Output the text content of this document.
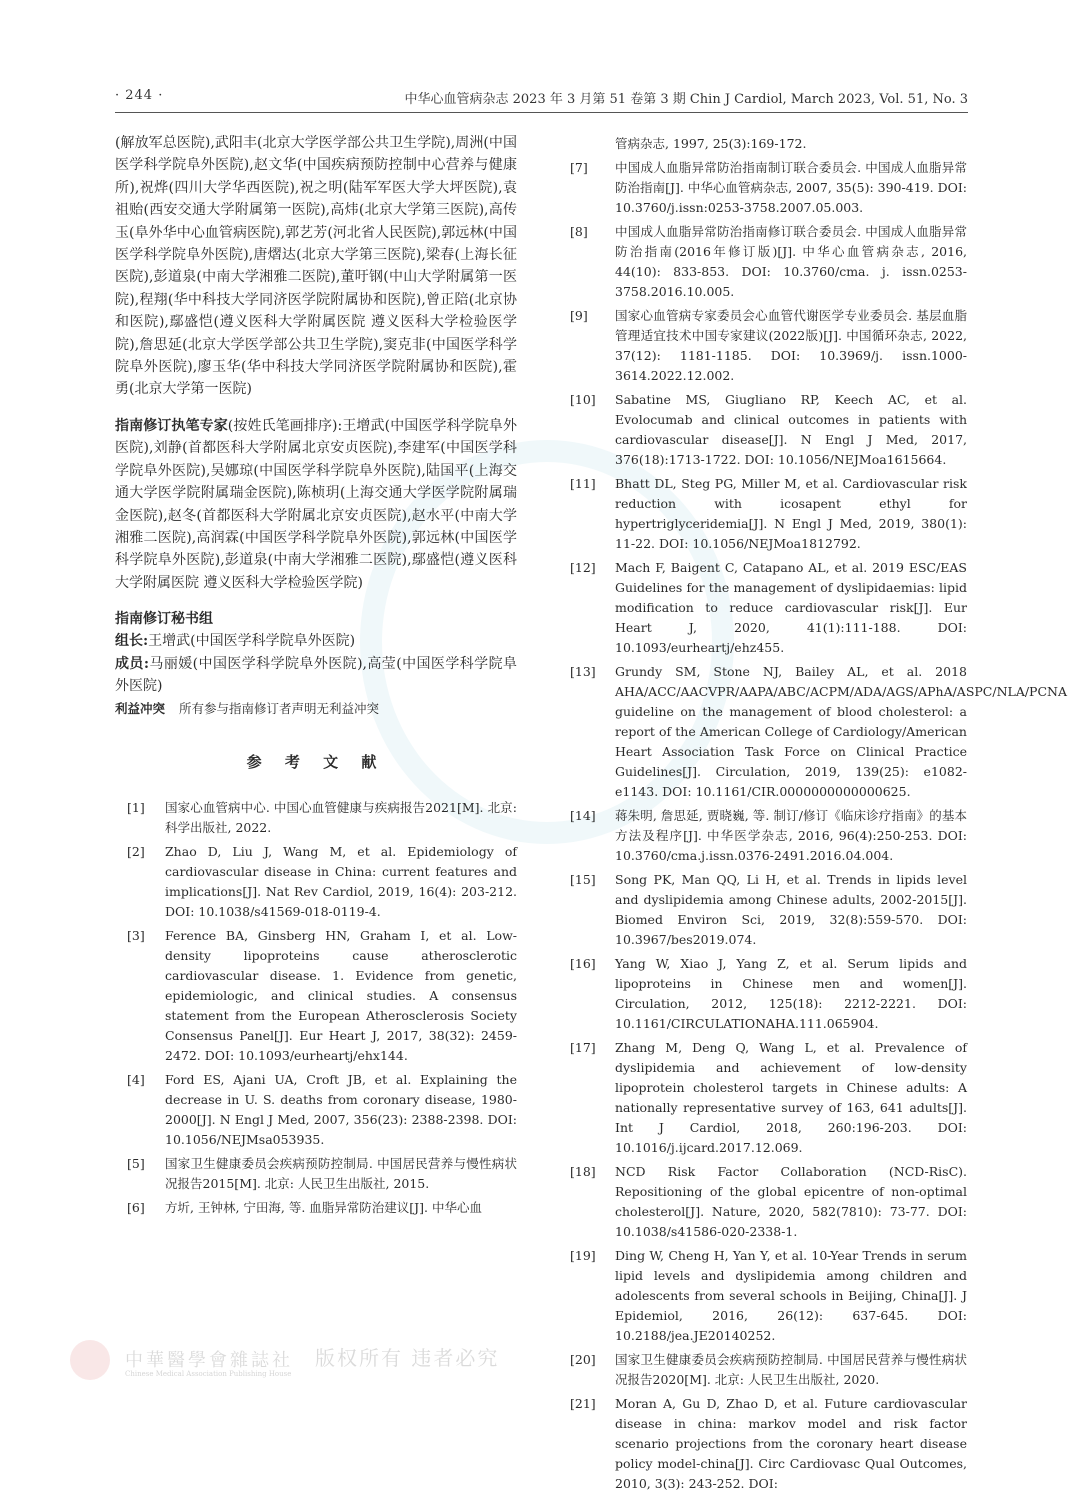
· 244 ·	中华心血管病杂志 2023 年 3 月第 51 卷第 3 期 Chin J Cardiol, March 2023, Vol. 51, No. 3

(解放军总医院),武阳丰(北京大学医学部公共卫生学院),周洲(中国医学科学院阜外医院),赵文华(中国疾病预防控制中心营养与健康所),祝烨(四川大学华西医院),祝之明(陆军军医大学大坪医院),袁祖贻(西安交通大学附属第一医院),高炜(北京大学第三医院),高传玉(阜外华中心血管病医院),郭艺芳(河北省人民医院),郭远林(中国医学科学院阜外医院),唐熠达(北京大学第三医院),梁春(上海长征医院),彭道泉(中南大学湘雅二医院),董吁钢(中山大学附属第一医院),程翔(华中科技大学同济医学院附属协和医院),曾正陪(北京协和医院),鄢盛恺(遵义医科大学附属医院 遵义医科大学检验医学院),詹思延(北京大学医学部公共卫生学院),窦克非(中国医学科学院阜外医院),廖玉华(华中科技大学同济医学院附属协和医院),霍勇(北京大学第一医院)

指南修订执笔专家(按姓氏笔画排序):王增武(中国医学科学院阜外医院),刘静(首都医科大学附属北京安贞医院),李建军(中国医学科学院阜外医院),吴娜琼(中国医学科学院阜外医院),陆国平(上海交通大学医学院附属瑞金医院),陈桢玥(上海交通大学医学院附属瑞金医院),赵冬(首都医科大学附属北京安贞医院),赵水平(中南大学湘雅二医院),高润霖(中国医学科学院阜外医院),郭远林(中国医学科学院阜外医院),彭道泉(中南大学湘雅二医院),鄢盛恺(遵义医科大学附属医院 遵义医科大学检验医学院)

指南修订秘书组

组长:王增武(中国医学科学院阜外医院)

成员:马丽媛(中国医学科学院阜外医院),高莹(中国医学科学院阜外医院)

利益冲突 所有参与指南修订者声明无利益冲突

参 考 文 献

[1] 国家心血管病中心. 中国心血管健康与疾病报告2021[M]. 北京: 科学出版社, 2022.

[2] Zhao D, Liu J, Wang M, et al. Epidemiology of cardiovascular disease in China: current features and implications[J]. Nat Rev Cardiol, 2019, 16(4): 203-212. DOI: 10.1038/s41569-018-0119-4.

[3] Ference BA, Ginsberg HN, Graham I, et al. Low-density lipoproteins cause atherosclerotic cardiovascular disease. 1. Evidence from genetic, epidemiologic, and clinical studies. A consensus statement from the European Atherosclerosis Society Consensus Panel[J]. Eur Heart J, 2017, 38(32): 2459-2472. DOI: 10.1093/eurheartj/ehx144.

[4] Ford ES, Ajani UA, Croft JB, et al. Explaining the decrease in U. S. deaths from coronary disease, 1980-2000[J]. N Engl J Med, 2007, 356(23): 2388-2398. DOI: 10.1056/NEJMsa053935.

[5] 国家卫生健康委员会疾病预防控制局. 中国居民营养与慢性病状况报告2015[M]. 北京: 人民卫生出版社, 2015.

[6] 方圻, 王钟林, 宁田海, 等. 血脂异常防治建议[J]. 中华心血

管病杂志, 1997, 25(3):169-172.

[7] 中国成人血脂异常防治指南制订联合委员会. 中国成人血脂异常防治指南[J]. 中华心血管病杂志, 2007, 35(5): 390-419. DOI: 10.3760/j.issn:0253-3758.2007.05.003.

[8] 中国成人血脂异常防治指南修订联合委员会. 中国成人血脂异常防治指南(2016年修订版)[J]. 中华心血管病杂志, 2016, 44(10): 833-853. DOI: 10.3760/cma. j. issn.0253-3758.2016.10.005.

[9] 国家心血管病专家委员会心血管代谢医学专业委员会. 基层血脂管理适宜技术中国专家建议(2022版)[J]. 中国循环杂志, 2022, 37(12): 1181-1185. DOI: 10.3969/j. issn.1000-3614.2022.12.002.

[10] Sabatine MS, Giugliano RP, Keech AC, et al. Evolocumab and clinical outcomes in patients with cardiovascular disease[J]. N Engl J Med, 2017, 376(18):1713-1722. DOI: 10.1056/NEJMoa1615664.

[11] Bhatt DL, Steg PG, Miller M, et al. Cardiovascular risk reduction with icosapent ethyl for hypertriglyceridemia[J]. N Engl J Med, 2019, 380(1): 11-22. DOI: 10.1056/NEJMoa1812792.

[12] Mach F, Baigent C, Catapano AL, et al. 2019 ESC/EAS Guidelines for the management of dyslipidaemias: lipid modification to reduce cardiovascular risk[J]. Eur Heart J, 2020, 41(1):111-188. DOI: 10.1093/eurheartj/ehz455.

[13] Grundy SM, Stone NJ, Bailey AL, et al. 2018 AHA/ACC/AACVPR/AAPA/ABC/ACPM/ADA/AGS/APhA/ASPC/NLA/PCNA guideline on the management of blood cholesterol: a report of the American College of Cardiology/American Heart Association Task Force on Clinical Practice Guidelines[J]. Circulation, 2019, 139(25): e1082-e1143. DOI: 10.1161/CIR.0000000000000625.

[14] 蒋朱明, 詹思延, 贾晓巍, 等. 制订/修订《临床诊疗指南》的基本方法及程序[J]. 中华医学杂志, 2016, 96(4):250-253. DOI: 10.3760/cma.j.issn.0376-2491.2016.04.004.

[15] Song PK, Man QQ, Li H, et al. Trends in lipids level and dyslipidemia among Chinese adults, 2002-2015[J]. Biomed Environ Sci, 2019, 32(8):559-570. DOI: 10.3967/bes2019.074.

[16] Yang W, Xiao J, Yang Z, et al. Serum lipids and lipoproteins in Chinese men and women[J]. Circulation, 2012, 125(18): 2212-2221. DOI: 10.1161/CIRCULATIONAHA.111.065904.

[17] Zhang M, Deng Q, Wang L, et al. Prevalence of dyslipidemia and achievement of low-density lipoprotein cholesterol targets in Chinese adults: A nationally representative survey of 163, 641 adults[J]. Int J Cardiol, 2018, 260:196-203. DOI: 10.1016/j.ijcard.2017.12.069.

[18] NCD Risk Factor Collaboration (NCD-RisC). Repositioning of the global epicentre of non-optimal cholesterol[J]. Nature, 2020, 582(7810): 73-77. DOI: 10.1038/s41586-020-2338-1.

[19] Ding W, Cheng H, Yan Y, et al. 10-Year Trends in serum lipid levels and dyslipidemia among children and adolescents from several schools in Beijing, China[J]. J Epidemiol, 2016, 26(12): 637-645. DOI: 10.2188/jea.JE20140252.

[20] 国家卫生健康委员会疾病预防控制局. 中国居民营养与慢性病状况报告2020[M]. 北京: 人民卫生出版社, 2020.

[21] Moran A, Gu D, Zhao D, et al. Future cardiovascular disease in china: markov model and risk factor scenario projections from the coronary heart disease policy model-china[J]. Circ Cardiovasc Qual Outcomes, 2010, 3(3): 243-252. DOI:

中華醫學會雜誌社
Chinese Medical Association Publishing House
版权所有 违者必究
